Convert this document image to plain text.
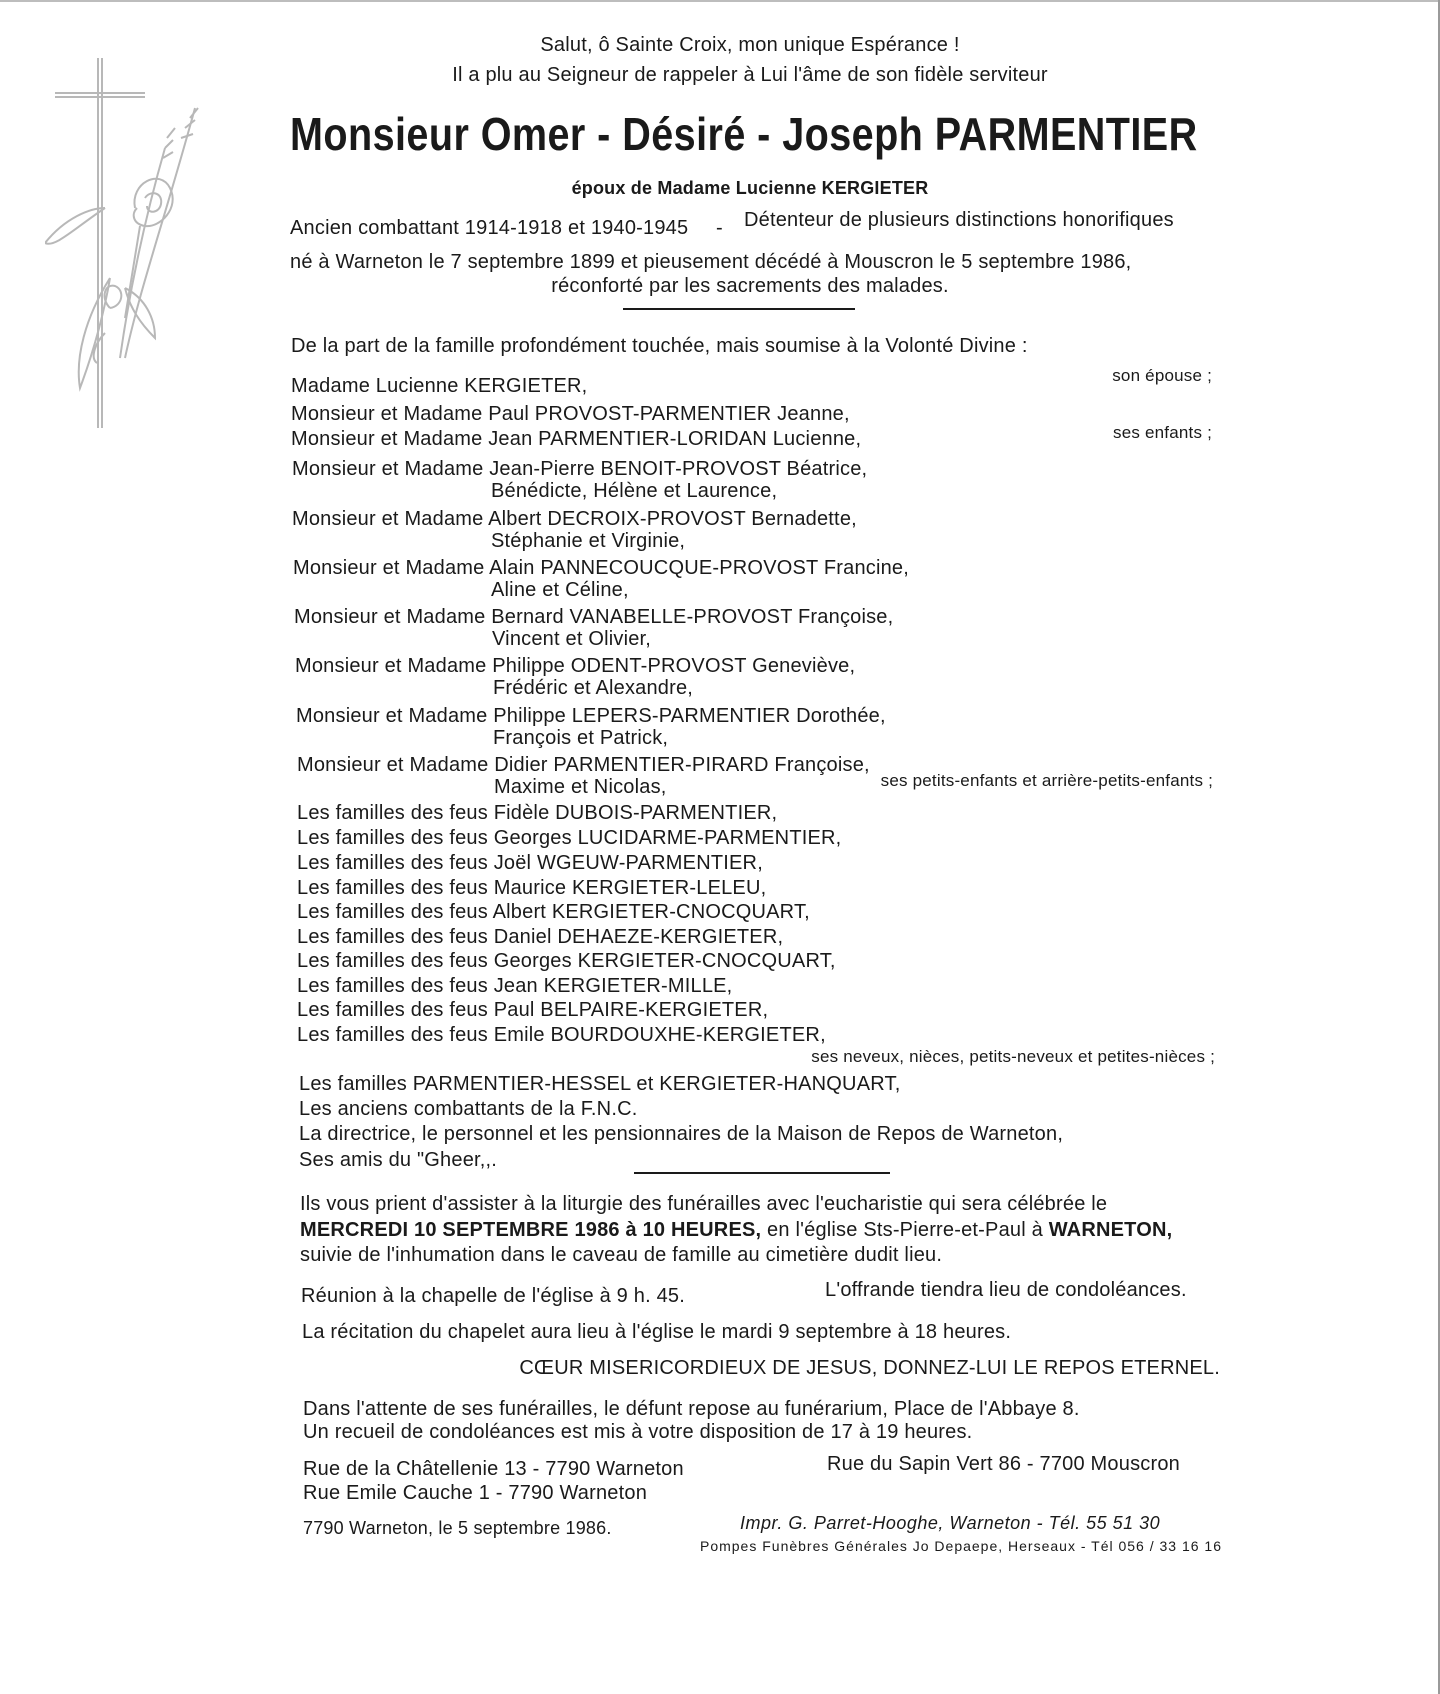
Salut, ô Sainte Croix, mon unique Espérance !
Il a plu au Seigneur de rappeler à Lui l'âme de son fidèle serviteur
Monsieur Omer - Désiré - Joseph PARMENTIER
époux de Madame Lucienne KERGIETER
Ancien combattant 1914-1918 et 1940-1945 - Détenteur de plusieurs distinctions honorifiques
né à Warneton le 7 septembre 1899 et pieusement décédé à Mouscron le 5 septembre 1986,
réconforté par les sacrements des malades.
De la part de la famille profondément touchée, mais soumise à la Volonté Divine :
Madame Lucienne KERGIETER,	son épouse ;
Monsieur et Madame Paul PROVOST-PARMENTIER Jeanne,
Monsieur et Madame Jean PARMENTIER-LORIDAN Lucienne,	ses enfants ;
Monsieur et Madame Jean-Pierre BENOIT-PROVOST Béatrice,
Bénédicte, Hélène et Laurence,
Monsieur et Madame Albert DECROIX-PROVOST Bernadette,
Stéphanie et Virginie,
Monsieur et Madame Alain PANNECOUCQUE-PROVOST Francine,
Aline et Céline,
Monsieur et Madame Bernard VANABELLE-PROVOST Françoise,
Vincent et Olivier,
Monsieur et Madame Philippe ODENT-PROVOST Geneviève,
Frédéric et Alexandre,
Monsieur et Madame Philippe LEPERS-PARMENTIER Dorothée,
François et Patrick,
Monsieur et Madame Didier PARMENTIER-PIRARD Françoise,
Maxime et Nicolas,	ses petits-enfants et arrière-petits-enfants ;
Les familles des feus Fidèle DUBOIS-PARMENTIER,
Les familles des feus Georges LUCIDARME-PARMENTIER,
Les familles des feus Joël WGEUW-PARMENTIER,
Les familles des feus Maurice KERGIETER-LELEU,
Les familles des feus Albert KERGIETER-CNOCQUART,
Les familles des feus Daniel DEHAEZE-KERGIETER,
Les familles des feus Georges KERGIETER-CNOCQUART,
Les familles des feus Jean KERGIETER-MILLE,
Les familles des feus Paul BELPAIRE-KERGIETER,
Les familles des feus Emile BOURDOUXHE-KERGIETER,
ses neveux, nièces, petits-neveux et petites-nièces ;
Les familles PARMENTIER-HESSEL et KERGIETER-HANQUART,
Les anciens combattants de la F.N.C.
La directrice, le personnel et les pensionnaires de la Maison de Repos de Warneton,
Ses amis du "Gheer,,.
Ils vous prient d'assister à la liturgie des funérailles avec l'eucharistie qui sera célébrée le
MERCREDI 10 SEPTEMBRE 1986 à 10 HEURES, en l'église Sts-Pierre-et-Paul à WARNETON,
suivie de l'inhumation dans le caveau de famille au cimetière dudit lieu.
Réunion à la chapelle de l'église à 9 h. 45.	L'offrande tiendra lieu de condoléances.
La récitation du chapelet aura lieu à l'église le mardi 9 septembre à 18 heures.
CŒUR MISERICORDIEUX DE JESUS, DONNEZ-LUI LE REPOS ETERNEL.
Dans l'attente de ses funérailles, le défunt repose au funérarium, Place de l'Abbaye 8.
Un recueil de condoléances est mis à votre disposition de 17 à 19 heures.
Rue de la Châtellenie 13 - 7790 Warneton	Rue du Sapin Vert 86 - 7700 Mouscron
Rue Emile Cauche 1 - 7790 Warneton
7790 Warneton, le 5 septembre 1986.	Impr. G. Parret-Hooghe, Warneton - Tél. 55 51 30
Pompes Funèbres Générales Jo Depaepe, Herseaux - Tél 056 / 33 16 16
